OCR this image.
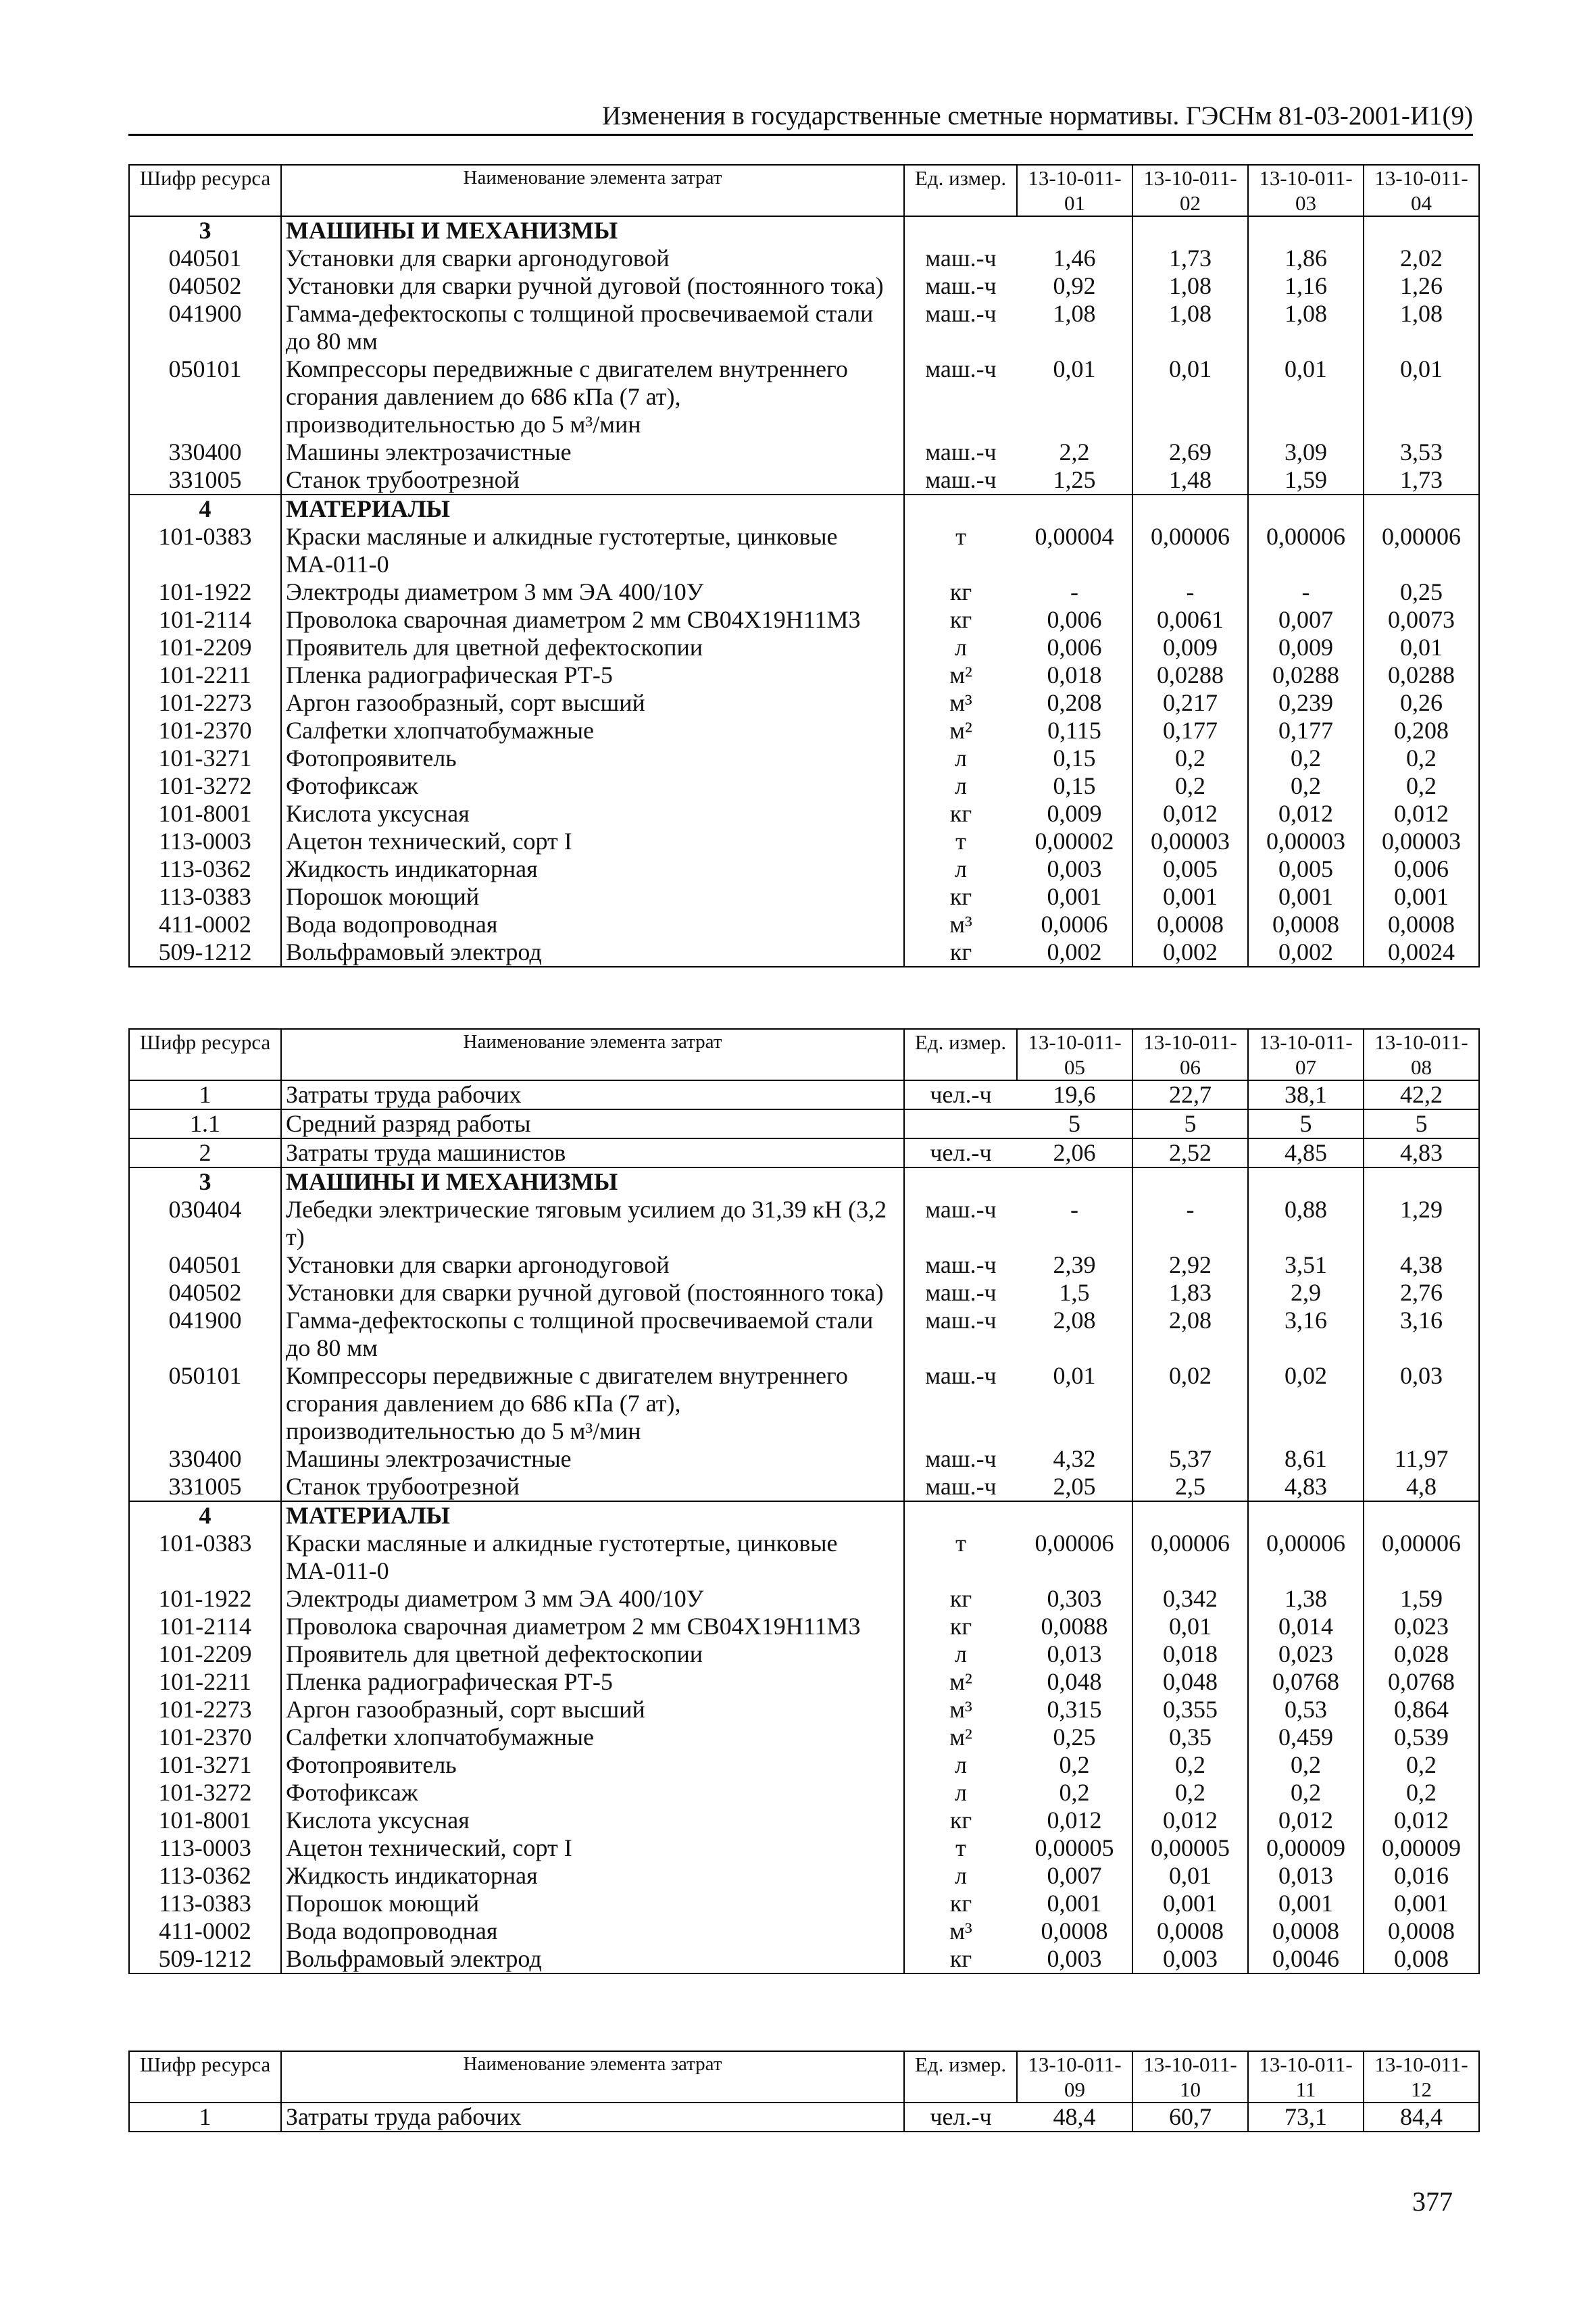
Изменения в государственные сметные нормативы. ГЭСНм 81-03-2001-И1(9)
Шифр ресурса	Наименование элемента затрат	Ед. измер.	13-10-011-01	13-10-011-02	13-10-011-03	13-10-011-04
3	МАШИНЫ И МЕХАНИЗМЫ					
040501	Установки для сварки аргонодуговой	маш.-ч	1,46	1,73	1,86	2,02
040502	Установки для сварки ручной дуговой (постоянного тока)	маш.-ч	0,92	1,08	1,16	1,26
041900	Гамма-дефектоскопы с толщиной просвечиваемой стали до 80 мм	маш.-ч	1,08	1,08	1,08	1,08
050101	Компрессоры передвижные с двигателем внутреннего сгорания давлением до 686 кПа (7 ат), производительностью до 5 м³/мин	маш.-ч	0,01	0,01	0,01	0,01
330400	Машины электрозачистные	маш.-ч	2,2	2,69	3,09	3,53
331005	Станок трубоотрезной	маш.-ч	1,25	1,48	1,59	1,73
4	МАТЕРИАЛЫ					
101-0383	Краски масляные и алкидные густотертые, цинковые МА-011-0	т	0,00004	0,00006	0,00006	0,00006
101-1922	Электроды диаметром 3 мм ЭА 400/10У	кг	-	-	-	0,25
101-2114	Проволока сварочная диаметром 2 мм СВ04Х19Н11М3	кг	0,006	0,0061	0,007	0,0073
101-2209	Проявитель для цветной дефектоскопии	л	0,006	0,009	0,009	0,01
101-2211	Пленка радиографическая РТ-5	м²	0,018	0,0288	0,0288	0,0288
101-2273	Аргон газообразный, сорт высший	м³	0,208	0,217	0,239	0,26
101-2370	Салфетки хлопчатобумажные	м²	0,115	0,177	0,177	0,208
101-3271	Фотопроявитель	л	0,15	0,2	0,2	0,2
101-3272	Фотофиксаж	л	0,15	0,2	0,2	0,2
101-8001	Кислота уксусная	кг	0,009	0,012	0,012	0,012
113-0003	Ацетон технический, сорт I	т	0,00002	0,00003	0,00003	0,00003
113-0362	Жидкость индикаторная	л	0,003	0,005	0,005	0,006
113-0383	Порошок моющий	кг	0,001	0,001	0,001	0,001
411-0002	Вода водопроводная	м³	0,0006	0,0008	0,0008	0,0008
509-1212	Вольфрамовый электрод	кг	0,002	0,002	0,002	0,0024
Шифр ресурса	Наименование элемента затрат	Ед. измер.	13-10-011-05	13-10-011-06	13-10-011-07	13-10-011-08
1	Затраты труда рабочих	чел.-ч	19,6	22,7	38,1	42,2
1.1	Средний разряд работы		5	5	5	5
2	Затраты труда машинистов	чел.-ч	2,06	2,52	4,85	4,83
3	МАШИНЫ И МЕХАНИЗМЫ					
030404	Лебедки электрические тяговым усилием до 31,39 кН (3,2 т)	маш.-ч	-	-	0,88	1,29
040501	Установки для сварки аргонодуговой	маш.-ч	2,39	2,92	3,51	4,38
040502	Установки для сварки ручной дуговой (постоянного тока)	маш.-ч	1,5	1,83	2,9	2,76
041900	Гамма-дефектоскопы с толщиной просвечиваемой стали до 80 мм	маш.-ч	2,08	2,08	3,16	3,16
050101	Компрессоры передвижные с двигателем внутреннего сгорания давлением до 686 кПа (7 ат), производительностью до 5 м³/мин	маш.-ч	0,01	0,02	0,02	0,03
330400	Машины электрозачистные	маш.-ч	4,32	5,37	8,61	11,97
331005	Станок трубоотрезной	маш.-ч	2,05	2,5	4,83	4,8
4	МАТЕРИАЛЫ					
101-0383	Краски масляные и алкидные густотертые, цинковые МА-011-0	т	0,00006	0,00006	0,00006	0,00006
101-1922	Электроды диаметром 3 мм ЭА 400/10У	кг	0,303	0,342	1,38	1,59
101-2114	Проволока сварочная диаметром 2 мм СВ04Х19Н11М3	кг	0,0088	0,01	0,014	0,023
101-2209	Проявитель для цветной дефектоскопии	л	0,013	0,018	0,023	0,028
101-2211	Пленка радиографическая РТ-5	м²	0,048	0,048	0,0768	0,0768
101-2273	Аргон газообразный, сорт высший	м³	0,315	0,355	0,53	0,864
101-2370	Салфетки хлопчатобумажные	м²	0,25	0,35	0,459	0,539
101-3271	Фотопроявитель	л	0,2	0,2	0,2	0,2
101-3272	Фотофиксаж	л	0,2	0,2	0,2	0,2
101-8001	Кислота уксусная	кг	0,012	0,012	0,012	0,012
113-0003	Ацетон технический, сорт I	т	0,00005	0,00005	0,00009	0,00009
113-0362	Жидкость индикаторная	л	0,007	0,01	0,013	0,016
113-0383	Порошок моющий	кг	0,001	0,001	0,001	0,001
411-0002	Вода водопроводная	м³	0,0008	0,0008	0,0008	0,0008
509-1212	Вольфрамовый электрод	кг	0,003	0,003	0,0046	0,008
Шифр ресурса	Наименование элемента затрат	Ед. измер.	13-10-011-09	13-10-011-10	13-10-011-11	13-10-011-12
1	Затраты труда рабочих	чел.-ч	48,4	60,7	73,1	84,4
377
